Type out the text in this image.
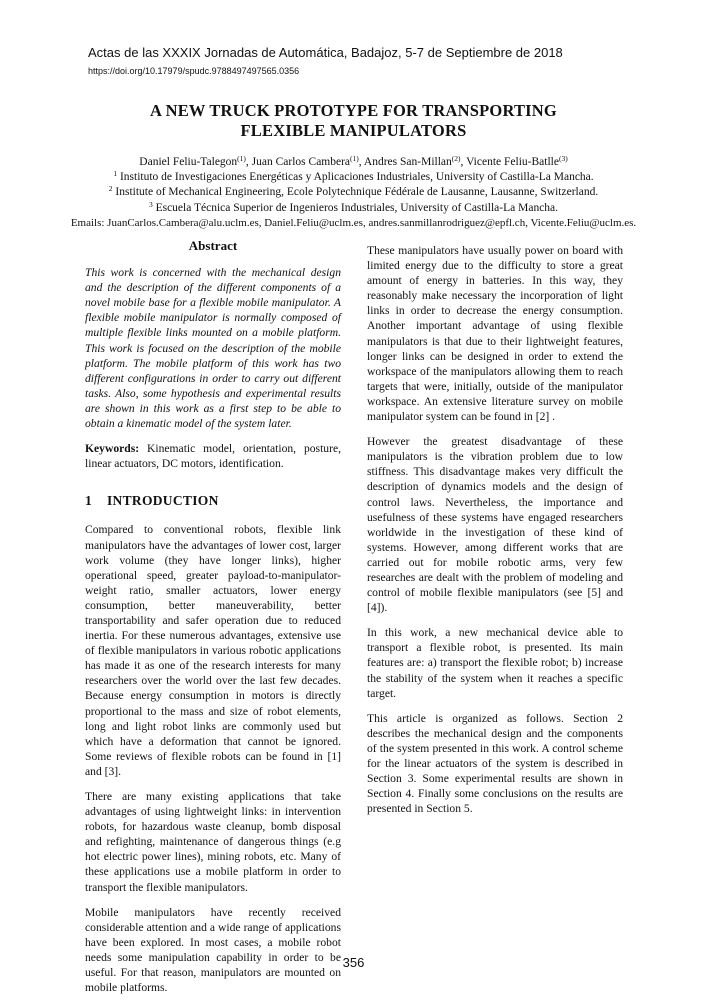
Actas de las XXXIX Jornadas de Automática, Badajoz, 5-7 de Septiembre de 2018
https://doi.org/10.17979/spudc.9788497497565.0356
A NEW TRUCK PROTOTYPE FOR TRANSPORTING
FLEXIBLE MANIPULATORS
Daniel Feliu-Talegon$^{(1)}$, Juan Carlos Cambera$^{(1)}$, Andres San-Millan$^{(2)}$, Vicente Feliu-Batlle$^{(3)}$
$^1$ Instituto de Investigaciones Energéticas y Aplicaciones Industriales, University of Castilla-La Mancha.
$^2$ Institute of Mechanical Engineering, Ecole Polytechnique Fédérale de Lausanne, Lausanne, Switzerland.
$^3$ Escuela Técnica Superior de Ingenieros Industriales, University of Castilla-La Mancha.
Emails: JuanCarlos.Cambera@alu.uclm.es, Daniel.Feliu@uclm.es, andres.sanmillanrodriguez@epfl.ch, Vicente.Feliu@uclm.es.
Abstract

This work is concerned with the mechanical design and the description of the different components of a novel mobile base for a flexible mobile manipulator. A flexible mobile manipulator is normally composed of multiple flexible links mounted on a mobile platform. This work is focused on the description of the mobile platform. The mobile platform of this work has two different configurations in order to carry out different tasks. Also, some hypothesis and experimental results are shown in this work as a first step to be able to obtain a kinematic model of the system later.

Keywords: Kinematic model, orientation, posture, linear actuators, DC motors, identification.

1 INTRODUCTION

Compared to conventional robots, flexible link manipulators have the advantages of lower cost, larger work volume (they have longer links), higher operational speed, greater payload-to-manipulator-weight ratio, smaller actuators, lower energy consumption, better maneuverability, better transportability and safer operation due to reduced inertia. For these numerous advantages, extensive use of flexible manipulators in various robotic applications has made it as one of the research interests for many researchers over the world over the last few decades. Because energy consumption in motors is directly proportional to the mass and size of robot elements, long and light robot links are commonly used but which have a deformation that cannot be ignored. Some reviews of flexible robots can be found in [1] and [3].

There are many existing applications that take advantages of using lightweight links: in intervention robots, for hazardous waste cleanup, bomb disposal and refighting, maintenance of dangerous things (e.g hot electric power lines), mining robots, etc. Many of these applications use a mobile platform in order to transport the flexible manipulators.

Mobile manipulators have recently received considerable attention and a wide range of applications have been explored. In most cases, a mobile robot needs some manipulation capability in order to be useful. For that reason, manipulators are mounted on mobile platforms.

These manipulators have usually power on board with limited energy due to the difficulty to store a great amount of energy in batteries. In this way, they reasonably make necessary the incorporation of light links in order to decrease the energy consumption. Another important advantage of using flexible manipulators is that due to their lightweight features, longer links can be designed in order to extend the workspace of the manipulators allowing them to reach targets that were, initially, outside of the manipulator workspace. An extensive literature survey on mobile manipulator system can be found in [2] .

However the greatest disadvantage of these manipulators is the vibration problem due to low stiffness. This disadvantage makes very difficult the description of dynamics models and the design of control laws. Nevertheless, the importance and usefulness of these systems have engaged researchers worldwide in the investigation of these kind of systems. However, among different works that are carried out for mobile robotic arms, very few researches are dealt with the problem of modeling and control of mobile flexible manipulators (see [5] and [4]).

In this work, a new mechanical device able to transport a flexible robot, is presented. Its main features are: a) transport the flexible robot; b) increase the stability of the system when it reaches a specific target.

This article is organized as follows. Section 2 describes the mechanical design and the components of the system presented in this work. A control scheme for the linear actuators of the system is described in Section 3. Some experimental results are shown in Section 4. Finally some conclusions on the results are presented in Section 5.

356
